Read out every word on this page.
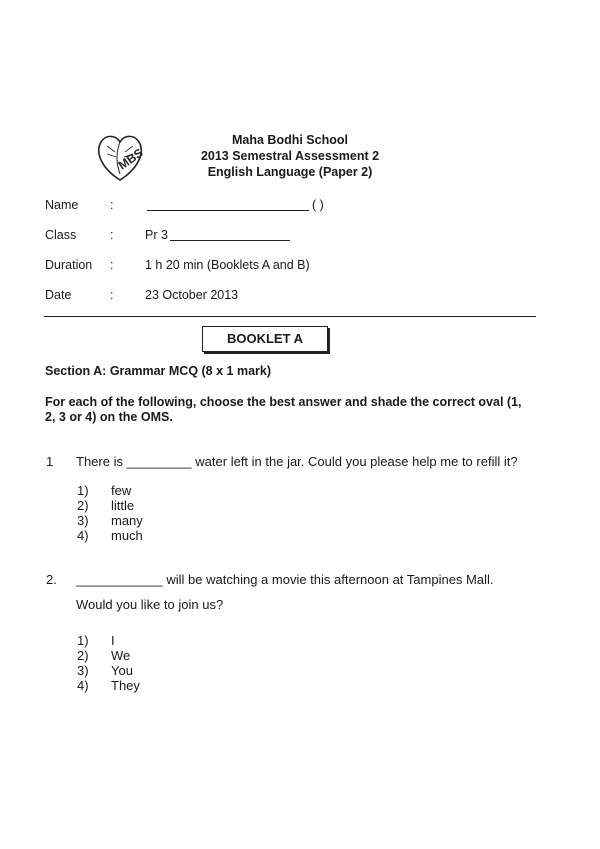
MBS
Maha Bodhi School
2013 Semestral Assessment 2
English Language (Paper 2)
Name	:	( )
Class	:	Pr 3
Duration :	1 h 20 min (Booklets A and B)
Date	:	23 October 2013
BOOKLET A
Section A: Grammar MCQ (8 x 1 mark)
For each of the following, choose the best answer and shade the correct oval (1, 2, 3 or 4) on the OMS.
1 There is _________ water left in the jar. Could you please help me to refill it?
1) few
2) little
3) many
4) much
2. ____________ will be watching a movie this afternoon at Tampines Mall.
Would you like to join us?
1) I
2) We
3) You
4) They
